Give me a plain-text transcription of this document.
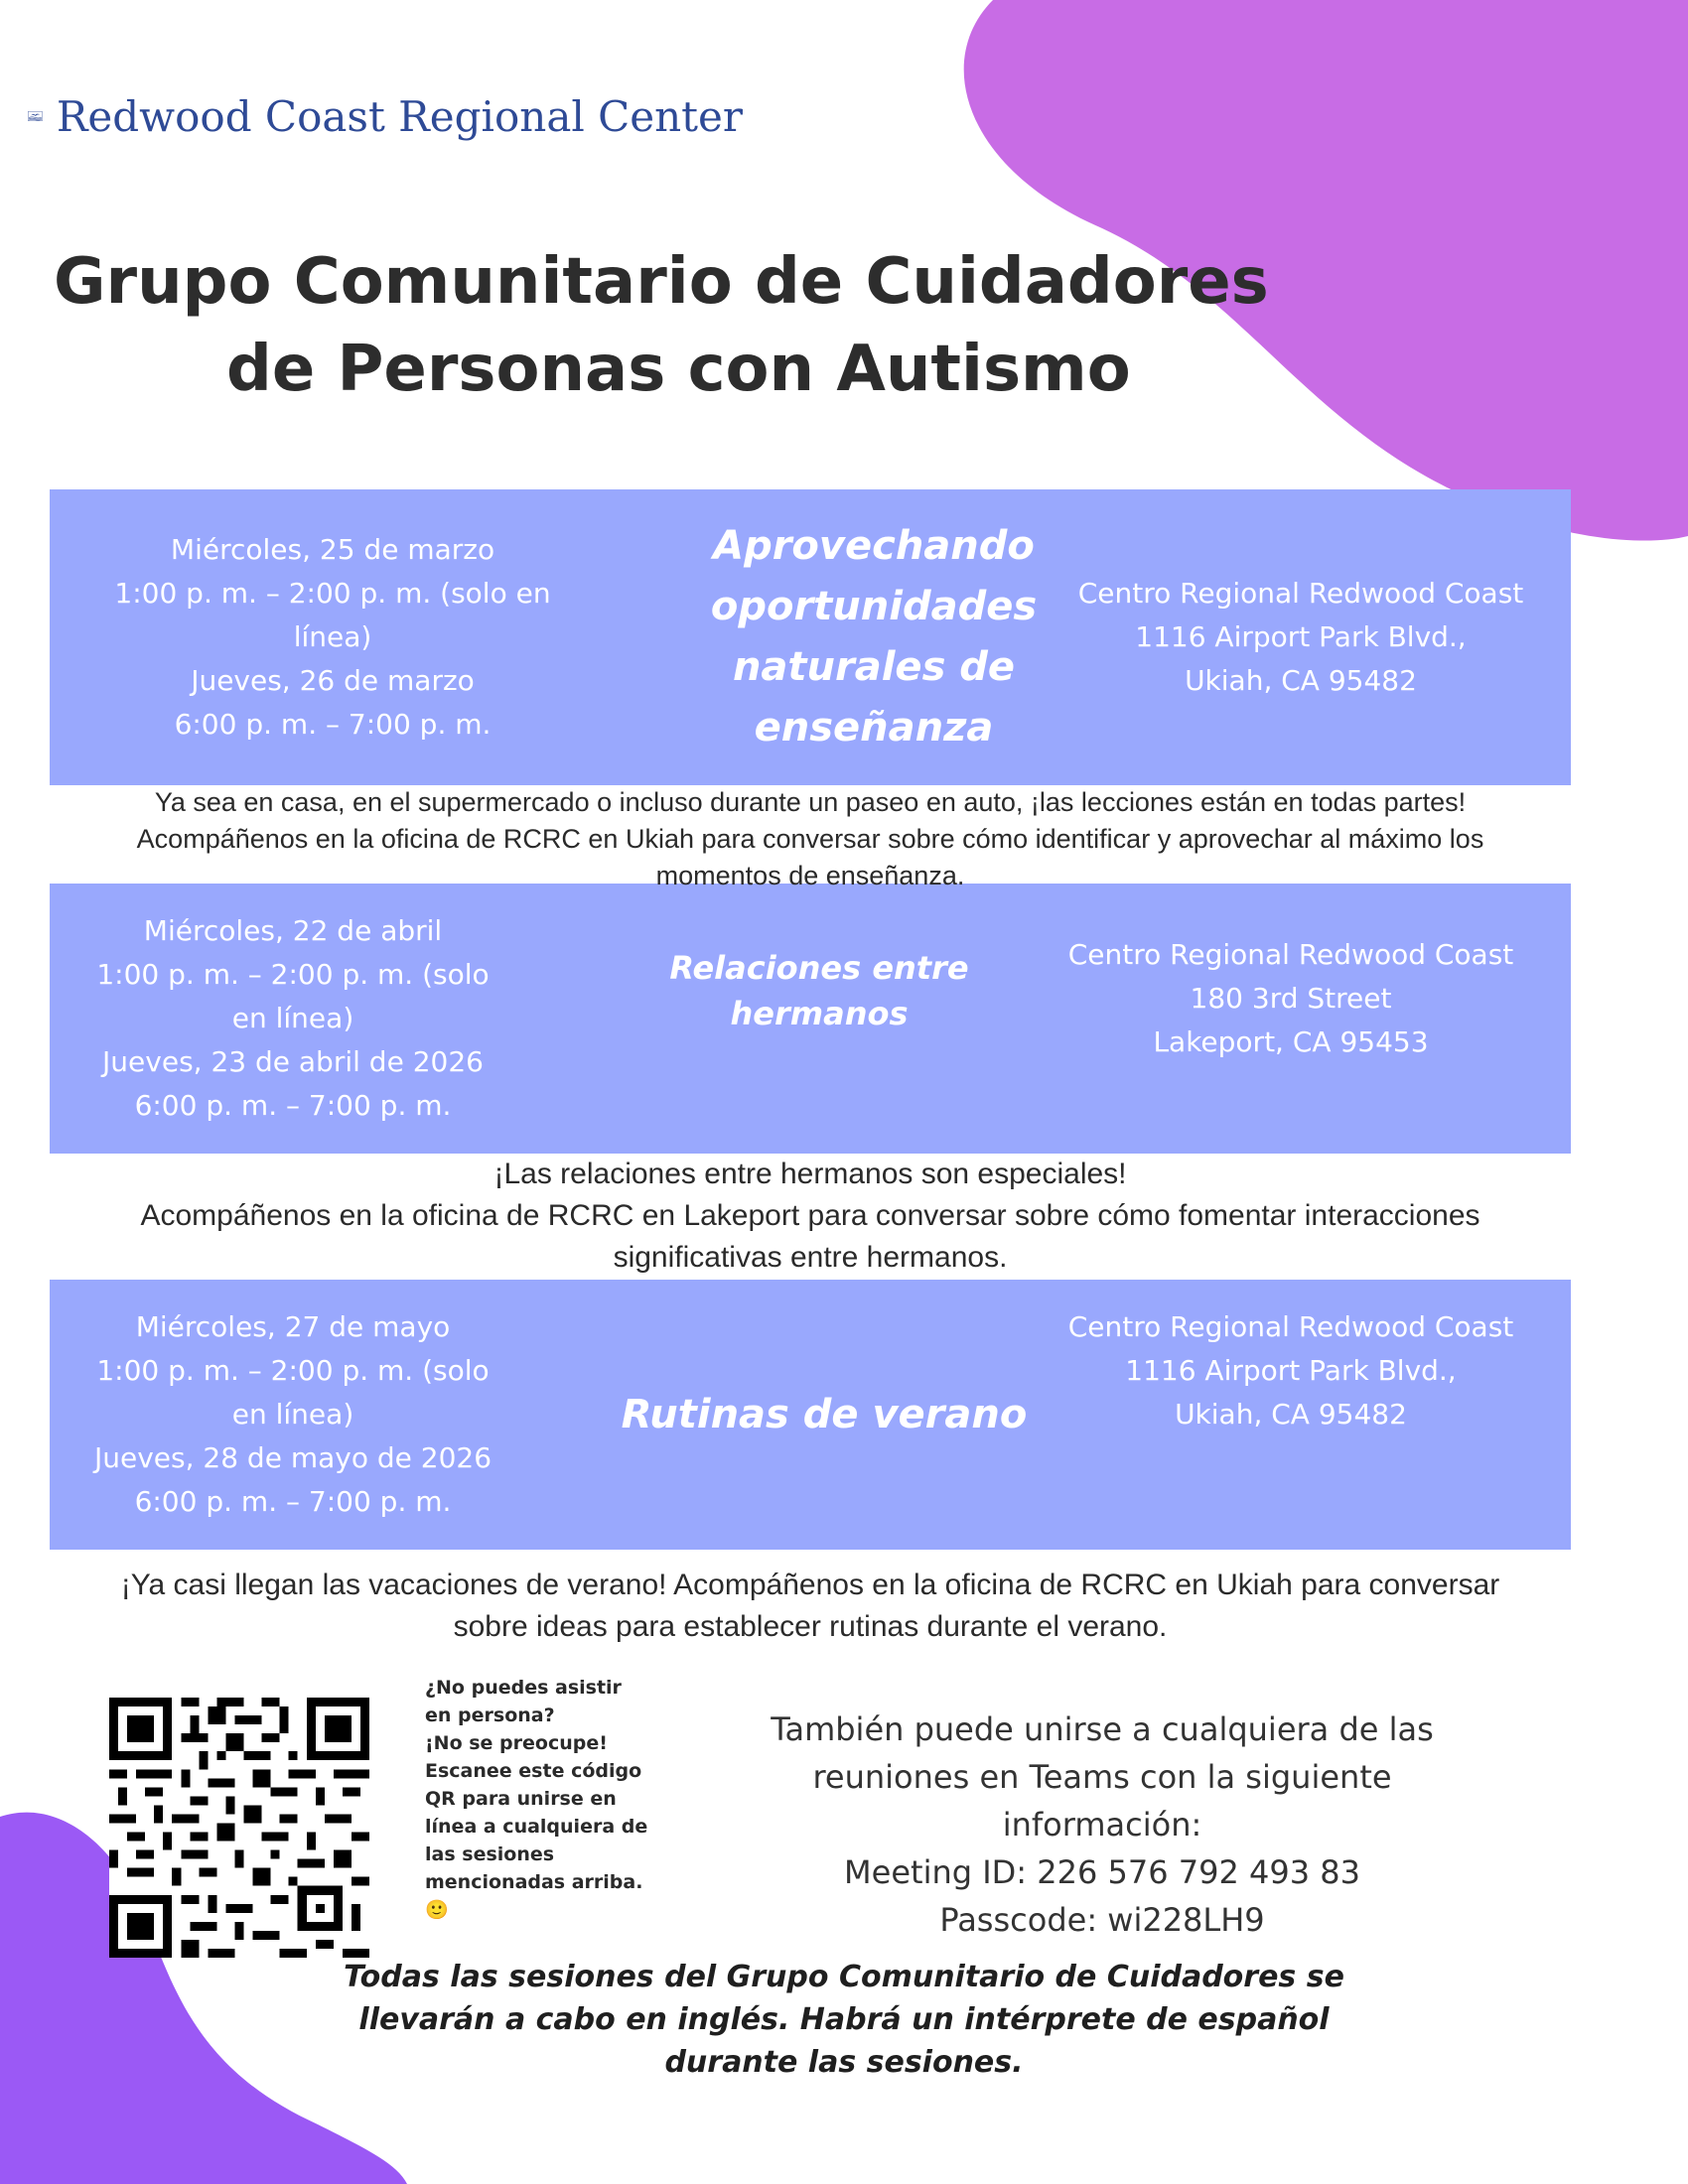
Redwood Coast Regional Center
Grupo Comunitario de Cuidadores
de Personas con Autismo
Miércoles, 25 de marzo
1:00 p. m. – 2:00 p. m. (solo en
línea)
Jueves, 26 de marzo
6:00 p. m. – 7:00 p. m.
Aprovechando
oportunidades
naturales de
enseñanza
Centro Regional Redwood Coast
1116 Airport Park Blvd.,
Ukiah, CA 95482
Ya sea en casa, en el supermercado o incluso durante un paseo en auto, ¡las lecciones están en todas partes!
Acompáñenos en la oficina de RCRC en Ukiah para conversar sobre cómo identificar y aprovechar al máximo los
momentos de enseñanza.
Miércoles, 22 de abril
1:00 p. m. – 2:00 p. m. (solo
en línea)
Jueves, 23 de abril de 2026
6:00 p. m. – 7:00 p. m.
Relaciones entre
hermanos
Centro Regional Redwood Coast
180 3rd Street
Lakeport, CA 95453
¡Las relaciones entre hermanos son especiales!
Acompáñenos en la oficina de RCRC en Lakeport para conversar sobre cómo fomentar interacciones
significativas entre hermanos.
Miércoles, 27 de mayo
1:00 p. m. – 2:00 p. m. (solo
en línea)
Jueves, 28 de mayo de 2026
6:00 p. m. – 7:00 p. m.
Rutinas de verano
Centro Regional Redwood Coast
1116 Airport Park Blvd.,
Ukiah, CA 95482
¡Ya casi llegan las vacaciones de verano! Acompáñenos en la oficina de RCRC en Ukiah para conversar
sobre ideas para establecer rutinas durante el verano.
¿No puedes asistir
en persona?
¡No se preocupe!
Escanee este código
QR para unirse en
línea a cualquiera de
las sesiones
mencionadas arriba.
🙂
También puede unirse a cualquiera de las
reuniones en Teams con la siguiente
información:
Meeting ID: 226 576 792 493 83
Passcode: wi228LH9
Todas las sesiones del Grupo Comunitario de Cuidadores se
llevarán a cabo en inglés. Habrá un intérprete de español
durante las sesiones.
